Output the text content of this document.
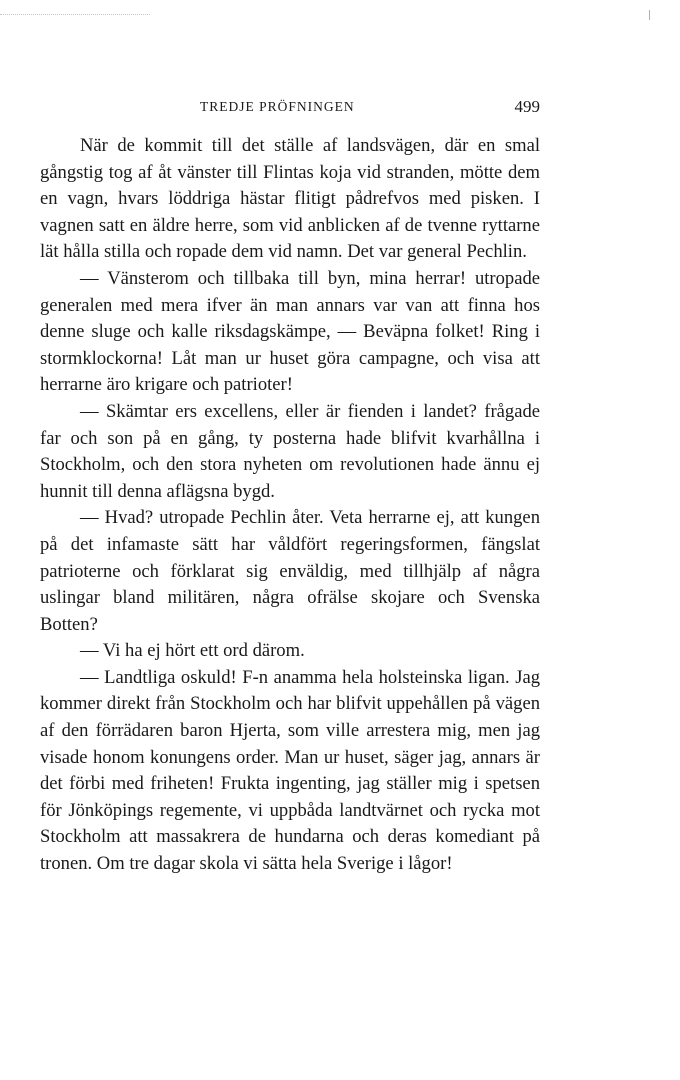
TREDJE PRÖFNINGEN	499

När de kommit till det ställe af landsvägen, där en smal gångstig tog af åt vänster till Flintas koja vid stranden, mötte dem en vagn, hvars löddriga hästar flitigt pådrefvos med pisken. I vagnen satt en äldre herre, som vid anblicken af de tvenne ryttarne lät hålla stilla och ropade dem vid namn. Det var general Pechlin.

— Vänsterom och tillbaka till byn, mina herrar! utropade generalen med mera ifver än man annars var van att finna hos denne sluge och kalle riksdagskämpe, — Beväpna folket! Ring i stormklockorna! Låt man ur huset göra campagne, och visa att herrarne äro krigare och patrioter!

— Skämtar ers excellens, eller är fienden i landet? frågade far och son på en gång, ty posterna hade blifvit kvarhållna i Stockholm, och den stora nyheten om revolutionen hade ännu ej hunnit till denna aflägsna bygd.

— Hvad? utropade Pechlin åter. Veta herrarne ej, att kungen på det infamaste sätt har våldfört regeringsformen, fängslat patrioterne och förklarat sig enväldig, med tillhjälp af några uslingar bland militären, några ofrälse skojare och Svenska Botten?

— Vi ha ej hört ett ord därom.

— Landtliga oskuld! F-n anamma hela holsteinska ligan. Jag kommer direkt från Stockholm och har blifvit uppehållen på vägen af den förrädaren baron Hjerta, som ville arrestera mig, men jag visade honom konungens order. Man ur huset, säger jag, annars är det förbi med friheten! Frukta ingenting, jag ställer mig i spetsen för Jönköpings regemente, vi uppbåda landtvärnet och rycka mot Stockholm att massakrera de hundarna och deras komediant på tronen. Om tre dagar skola vi sätta hela Sverige i lågor!
